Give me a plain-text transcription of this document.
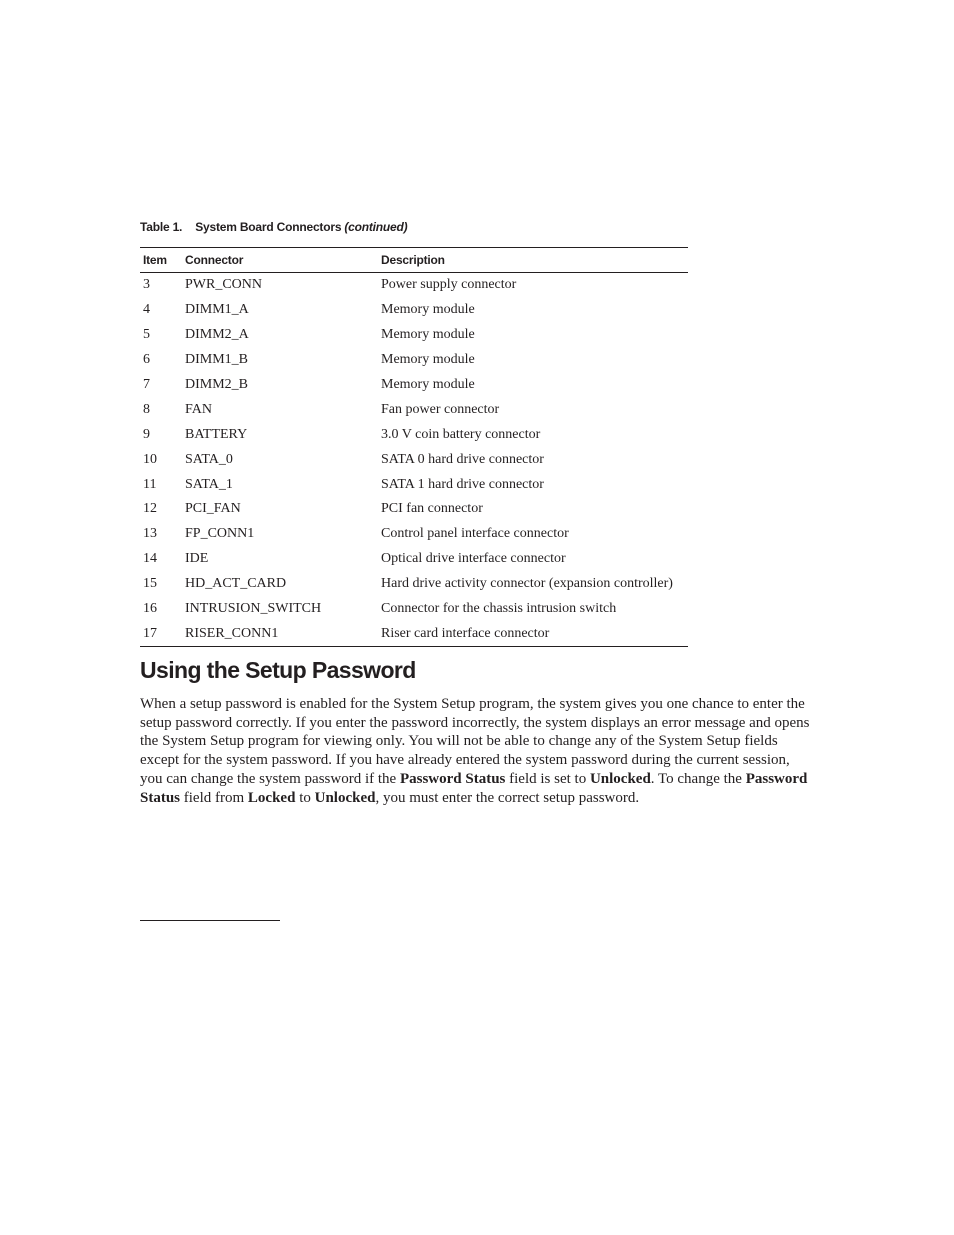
Table 1. System Board Connectors (continued)
Item	Connector	Description
3	PWR_CONN	Power supply connector
4	DIMM1_A	Memory module
5	DIMM2_A	Memory module
6	DIMM1_B	Memory module
7	DIMM2_B	Memory module
8	FAN	Fan power connector
9	BATTERY	3.0 V coin battery connector
10	SATA_0	SATA 0 hard drive connector
11	SATA_1	SATA 1 hard drive connector
12	PCI_FAN	PCI fan connector
13	FP_CONN1	Control panel interface connector
14	IDE	Optical drive interface connector
15	HD_ACT_CARD	Hard drive activity connector (expansion controller)
16	INTRUSION_SWITCH	Connector for the chassis intrusion switch
17	RISER_CONN1	Riser card interface connector
Using the Setup Password

When a setup password is enabled for the System Setup program, the system gives you one chance to enter the setup password correctly. If you enter the password incorrectly, the system displays an error message and opens the System Setup program for viewing only. You will not be able to change any of the System Setup fields except for the system password. If you have already entered the system password during the current session, you can change the system password if the Password Status field is set to Unlocked. To change the Password Status field from Locked to Unlocked, you must enter the correct setup password.
